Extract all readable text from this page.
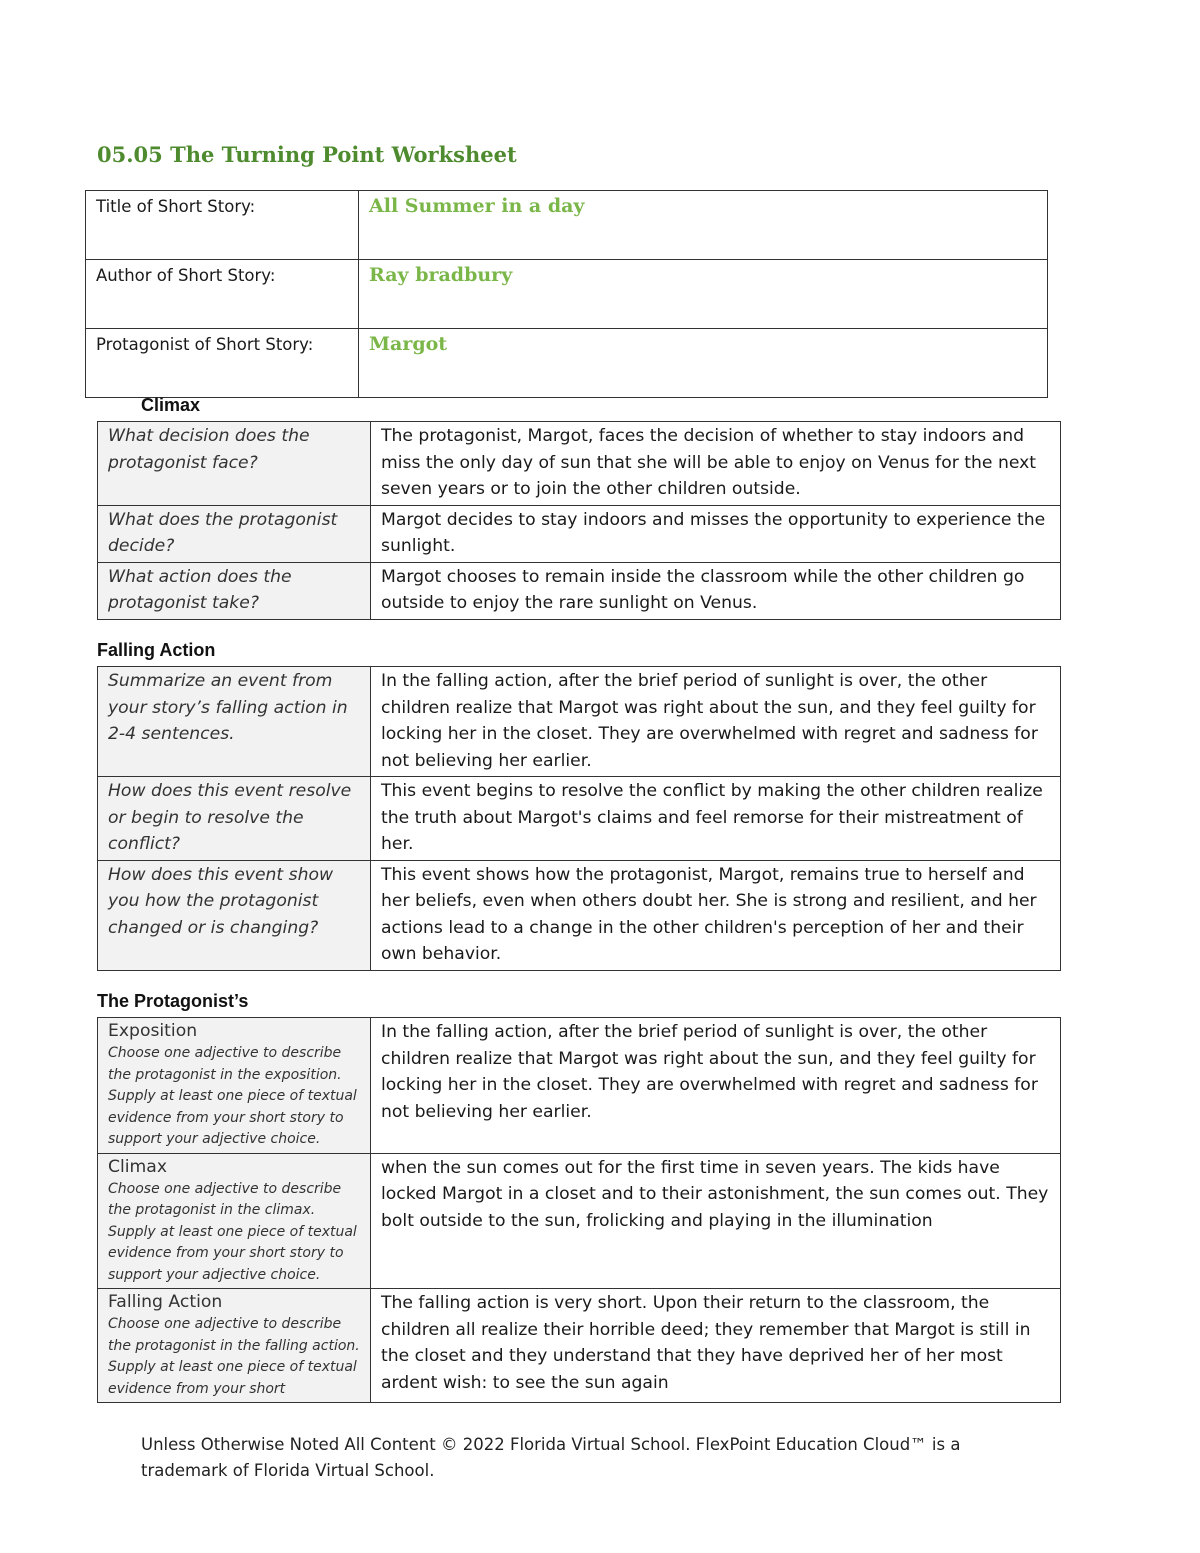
05.05 The Turning Point Worksheet
Title of Short Story:	All Summer in a day
Author of Short Story:	Ray bradbury
Protagonist of Short Story:	Margot
Climax
What decision does the protagonist face?	The protagonist, Margot, faces the decision of whether to stay indoors and miss the only day of sun that she will be able to enjoy on Venus for the next seven years or to join the other children outside.
What does the protagonist decide?	Margot decides to stay indoors and misses the opportunity to experience the sunlight.
What action does the protagonist take?	Margot chooses to remain inside the classroom while the other children go outside to enjoy the rare sunlight on Venus.
Falling Action
Summarize an event from your story’s falling action in 2-4 sentences.	In the falling action, after the brief period of sunlight is over, the other children realize that Margot was right about the sun, and they feel guilty for locking her in the closet. They are overwhelmed with regret and sadness for not believing her earlier.
How does this event resolve or begin to resolve the conflict?	This event begins to resolve the conflict by making the other children realize the truth about Margot's claims and feel remorse for their mistreatment of her.
How does this event show you how the protagonist changed or is changing?	This event shows how the protagonist, Margot, remains true to herself and her beliefs, even when others doubt her. She is strong and resilient, and her actions lead to a change in the other children's perception of her and their own behavior.
The Protagonist’s
Exposition
Choose one adjective to describe the protagonist in the exposition. Supply at least one piece of textual evidence from your short story to support your adjective choice.	In the falling action, after the brief period of sunlight is over, the other children realize that Margot was right about the sun, and they feel guilty for locking her in the closet. They are overwhelmed with regret and sadness for not believing her earlier.

Climax
Choose one adjective to describe the protagonist in the climax. Supply at least one piece of textual evidence from your short story to support your adjective choice.	when the sun comes out for the first time in seven years. The kids have locked Margot in a closet and to their astonishment, the sun comes out. They bolt outside to the sun, frolicking and playing in the illumination

Falling Action
Choose one adjective to describe the protagonist in the falling action. Supply at least one piece of textual evidence from your short	The falling action is very short. Upon their return to the classroom, the children all realize their horrible deed; they remember that Margot is still in the closet and they understand that they have deprived her of her most ardent wish: to see the sun again

Unless Otherwise Noted All Content © 2022 Florida Virtual School. FlexPoint Education Cloud™ is a trademark of Florida Virtual School.
